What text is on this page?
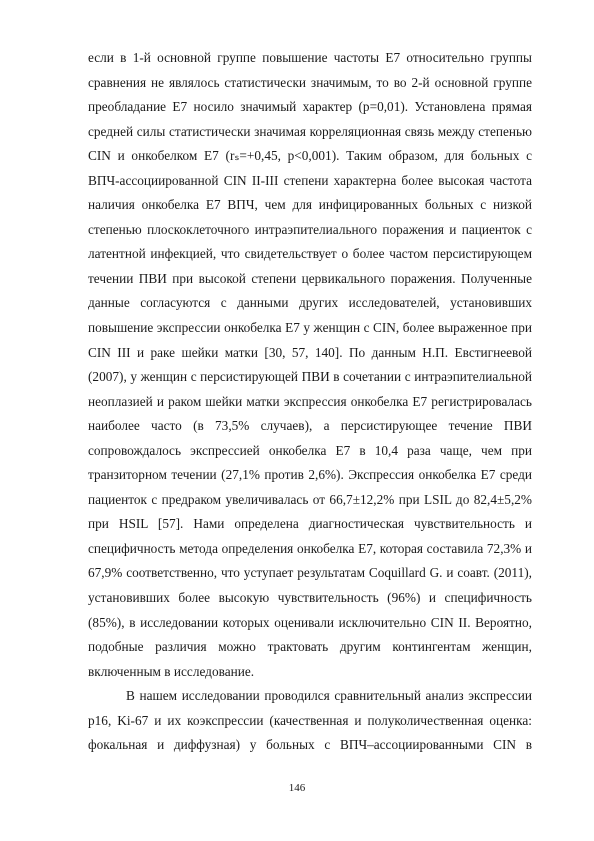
если в 1-й основной группе повышение частоты Е7 относительно группы сравнения не являлось статистически значимым, то во 2-й основной группе преобладание Е7 носило значимый характер (p=0,01). Установлена прямая средней силы статистически значимая корреляционная связь между степенью CIN и онкобелком Е7 (rₛ=+0,45, p<0,001). Таким образом, для больных с ВПЧ-ассоциированной CIN II-III степени характерна более высокая частота наличия онкобелка Е7 ВПЧ, чем для инфицированных больных с низкой степенью плоскоклеточного интраэпителиального поражения и пациенток с латентной инфекцией, что свидетельствует о более частом персистирующем течении ПВИ при высокой степени цервикального поражения. Полученные данные согласуются с данными других исследователей, установивших повышение экспрессии онкобелка Е7 у женщин с CIN, более выраженное при CIN III и раке шейки матки [30, 57, 140]. По данным Н.П. Евстигнеевой (2007), у женщин с персистирующей ПВИ в сочетании с интраэпителиальной неоплазией и раком шейки матки экспрессия онкобелка Е7 регистрировалась наиболее часто (в 73,5% случаев), а персистирующее течение ПВИ сопровождалось экспрессией онкобелка Е7 в 10,4 раза чаще, чем при транзиторном течении (27,1% против 2,6%). Экспрессия онкобелка Е7 среди пациенток с предраком увеличивалась от 66,7±12,2% при LSIL до 82,4±5,2% при HSIL [57]. Нами определена диагностическая чувствительность и специфичность метода определения онкобелка Е7, которая составила 72,3% и 67,9% соответственно, что уступает результатам Coquillard G. и соавт. (2011), установивших более высокую чувствительность (96%) и специфичность (85%), в исследовании которых оценивали исключительно CIN II. Вероятно, подобные различия можно трактовать другим контингентам женщин, включенным в исследование.

В нашем исследовании проводился сравнительный анализ экспрессии p16, Ki-67 и их коэкспрессии (качественная и полуколичественная оценка: фокальная и диффузная) у больных с ВПЧ–ассоциированными CIN в

146
